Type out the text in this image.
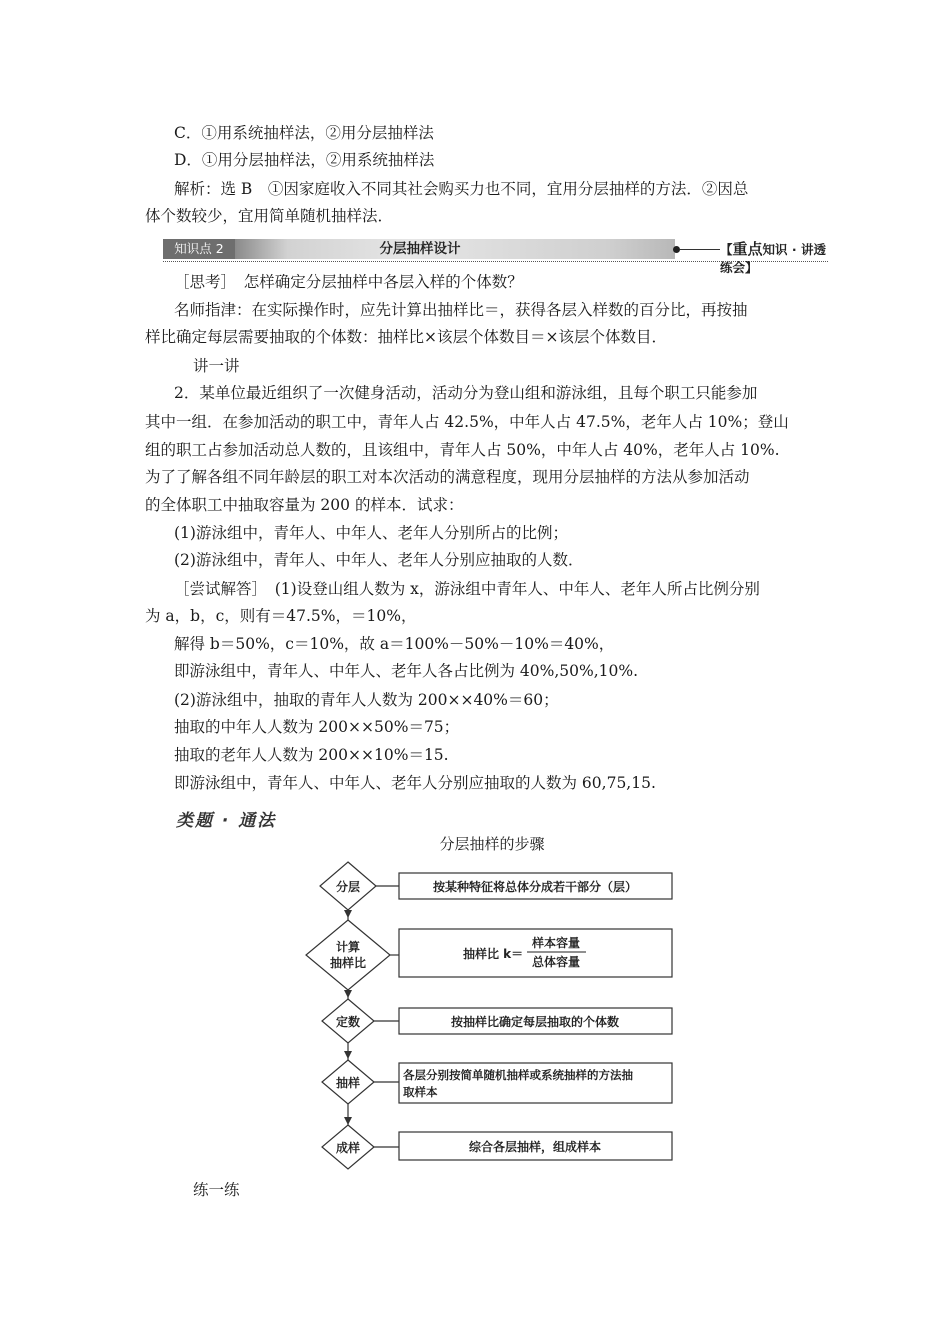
C．①用系统抽样法，②用分层抽样法
D．①用分层抽样法，②用系统抽样法
解析：选 B　①因家庭收入不同其社会购买力也不同，宜用分层抽样的方法．②因总
体个数较少，宜用简单随机抽样法．
知识点 2	分层抽样设计	【重点知识 · 讲透练会】
［思考］　怎样确定分层抽样中各层入样的个体数？
名师指津：在实际操作时，应先计算出抽样比＝，获得各层入样数的百分比，再按抽
样比确定每层需要抽取的个体数：抽样比×该层个体数目＝×该层个体数目．
讲一讲
2．某单位最近组织了一次健身活动，活动分为登山组和游泳组，且每个职工只能参加
其中一组．在参加活动的职工中，青年人占 42.5%，中年人占 47.5%，老年人占 10%；登山
组的职工占参加活动总人数的，且该组中，青年人占 50%，中年人占 40%，老年人占 10%.
为了了解各组不同年龄层的职工对本次活动的满意程度，现用分层抽样的方法从参加活动
的全体职工中抽取容量为 200 的样本．试求：
(1)游泳组中，青年人、中年人、老年人分别所占的比例；
(2)游泳组中，青年人、中年人、老年人分别应抽取的人数．
［尝试解答］　(1)设登山组人数为 x，游泳组中青年人、中年人、老年人所占比例分别
为 a，b，c，则有＝47.5%，＝10%，
解得 b＝50%，c＝10%，故 a＝100%－50%－10%＝40%，
即游泳组中，青年人、中年人、老年人各占比例为 40%,50%,10%.
(2)游泳组中，抽取的青年人人数为 200××40%＝60；
抽取的中年人人数为 200××50%＝75；
抽取的老年人人数为 200××10%＝15.
即游泳组中，青年人、中年人、老年人分别应抽取的人数为 60,75,15.
类题 · 通法
分层抽样的步骤
分层	按某种特征将总体分成若干部分（层）
计算
抽样比
抽样比 k＝
样本容量
总体容量
定数	按抽样比确定每层抽取的个体数
抽样
各层分别按简单随机抽样或系统抽样的方法抽
取样本
成样	综合各层抽样，组成样本
练一练
